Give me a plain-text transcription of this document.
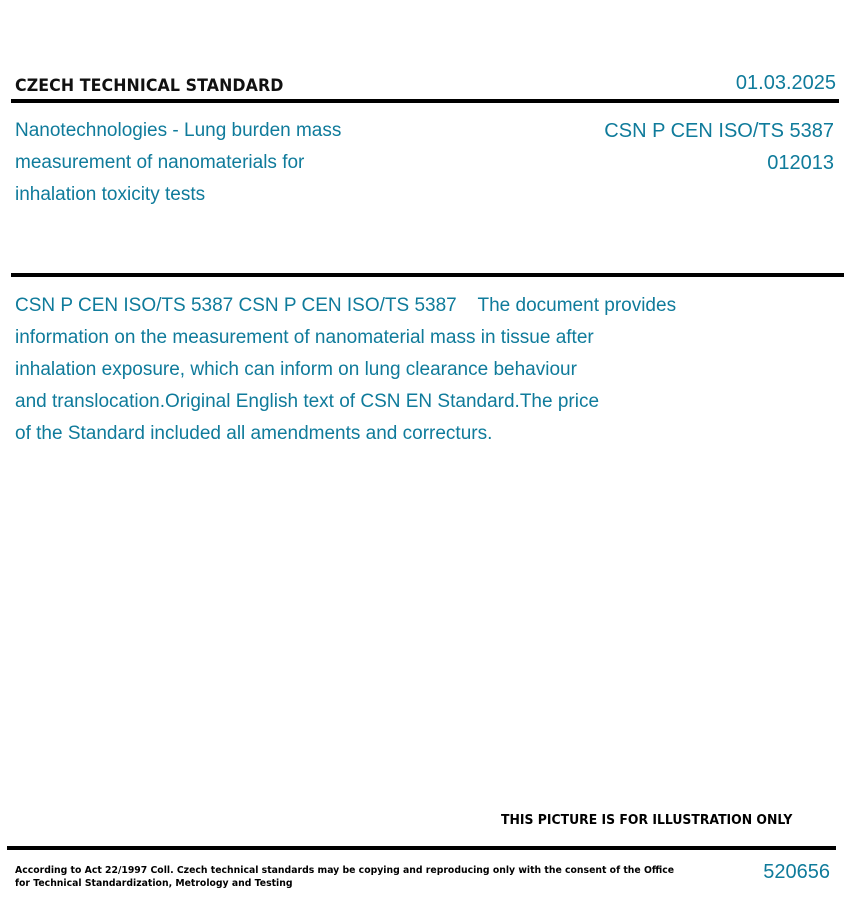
CZECH TECHNICAL STANDARD	01.03.2025
Nanotechnologies - Lung burden mass
measurement of nanomaterials for
inhalation toxicity tests
CSN P CEN ISO/TS 5387
012013
CSN P CEN ISO/TS 5387 CSN P CEN ISO/TS 5387    The document provides
information on the measurement of nanomaterial mass in tissue after
inhalation exposure, which can inform on lung clearance behaviour
and translocation.Original English text of CSN EN Standard.The price
of the Standard included all amendments and correcturs.
THIS PICTURE IS FOR ILLUSTRATION ONLY
According to Act 22/1997 Coll. Czech technical standards may be copying and reproducing only with the consent of the Office
for Technical Standardization, Metrology and Testing
520656
